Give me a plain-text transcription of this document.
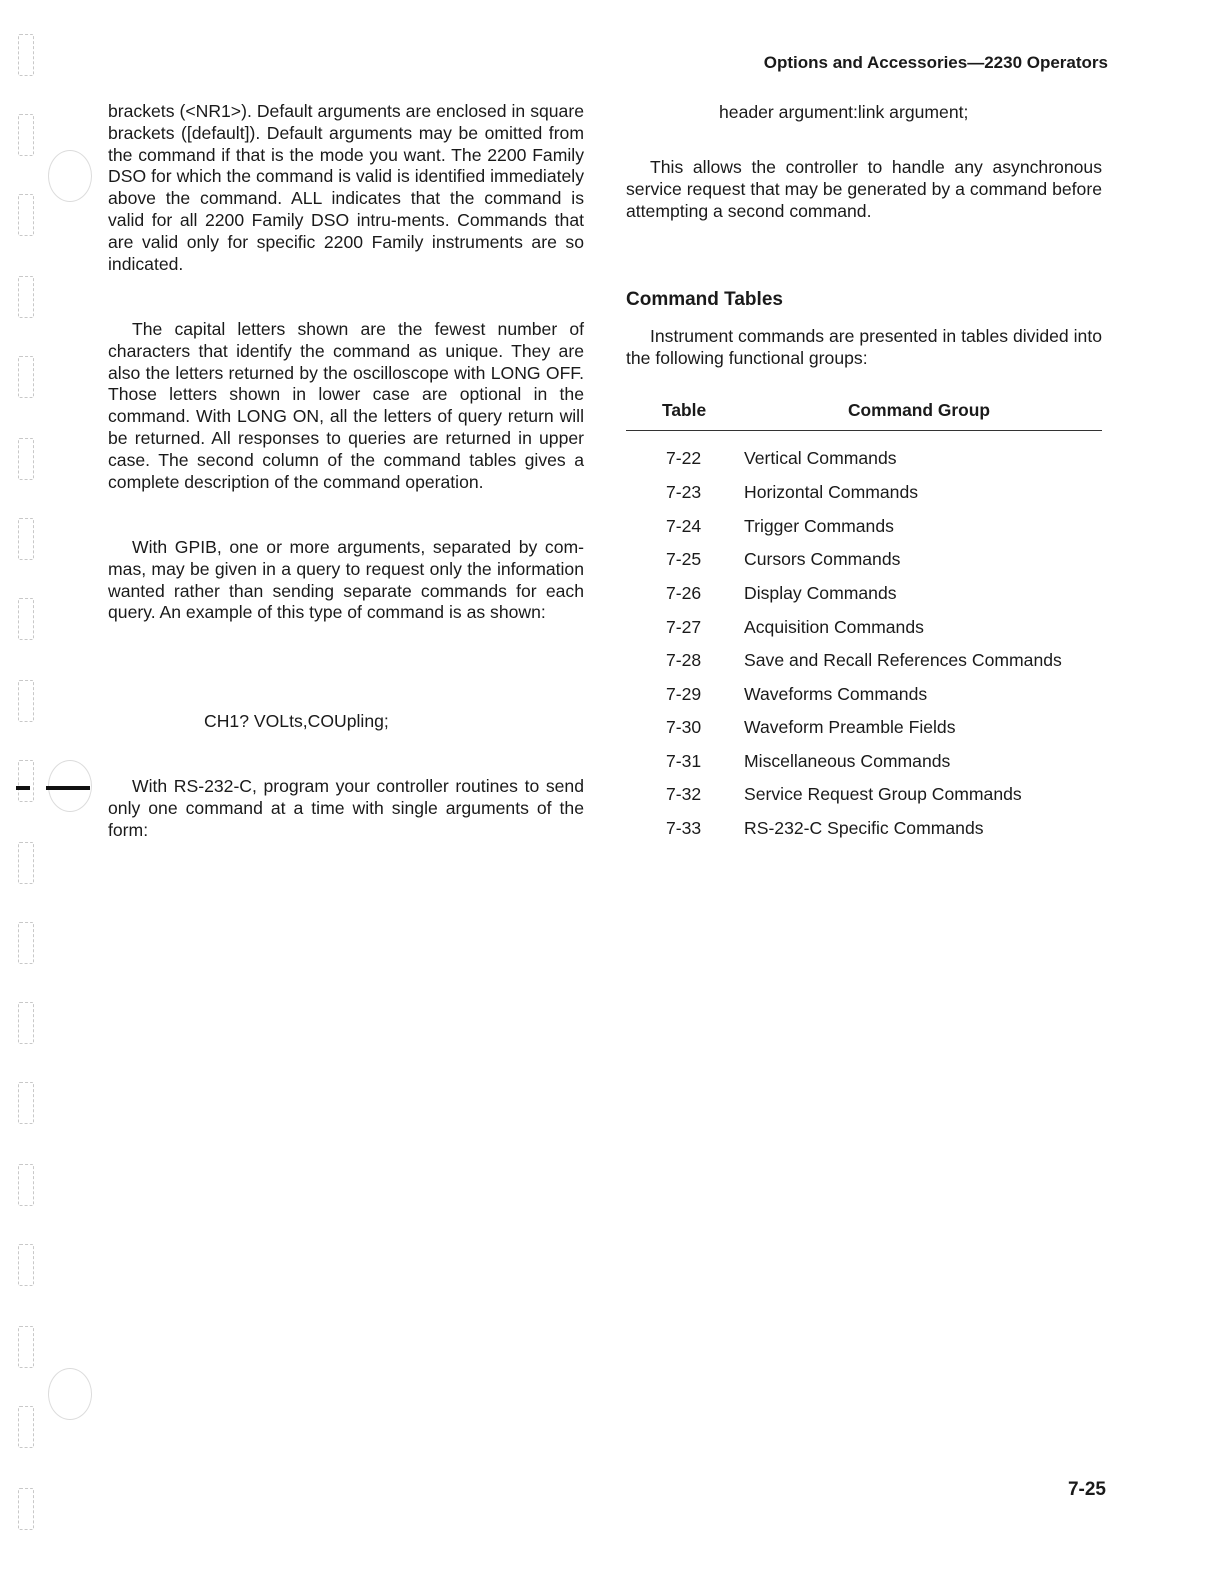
Options and Accessories—2230 Operators

brackets (<NR1>). Default arguments are enclosed in square brackets ([default]). Default arguments may be omitted from the command if that is the mode you want. The 2200 Family DSO for which the command is valid is identified immediately above the command. ALL indicates that the command is valid for all 2200 Family DSO intru-ments. Commands that are valid only for specific 2200 Family instruments are so indicated.

The capital letters shown are the fewest number of characters that identify the command as unique. They are also the letters returned by the oscilloscope with LONG OFF. Those letters shown in lower case are optional in the command. With LONG ON, all the letters of query return will be returned. All responses to queries are returned in upper case. The second column of the command tables gives a complete description of the command operation.

With GPIB, one or more arguments, separated by com-mas, may be given in a query to request only the information wanted rather than sending separate commands for each query. An example of this type of command is as shown:

CH1? VOLts,COUpling;

With RS-232-C, program your controller routines to send only one command at a time with single arguments of the form:

header argument:link argument;

This allows the controller to handle any asynchronous service request that may be generated by a command before attempting a second command.

Command Tables

Instrument commands are presented in tables divided into the following functional groups:

Table	Command Group
7-22 Vertical Commands
7-23 Horizontal Commands
7-24 Trigger Commands
7-25 Cursors Commands
7-26 Display Commands
7-27 Acquisition Commands
7-28 Save and Recall References Commands
7-29 Waveforms Commands
7-30 Waveform Preamble Fields
7-31 Miscellaneous Commands
7-32 Service Request Group Commands
7-33 RS-232-C Specific Commands
7-25
